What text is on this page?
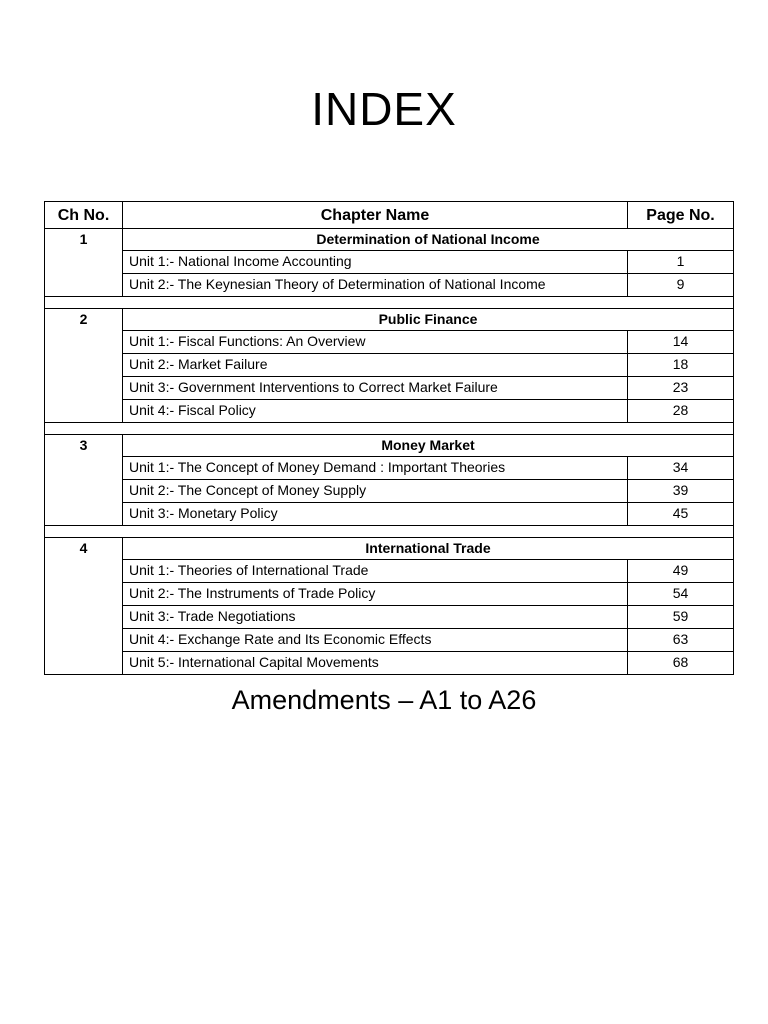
INDEX
Ch No.	Chapter Name	Page No.
1	Determination of National Income	
	Unit 1:- National Income Accounting	1
	Unit 2:- The Keynesian Theory of Determination of National Income	9

2	Public Finance	
	Unit 1:- Fiscal Functions: An Overview	14
	Unit 2:- Market Failure	18
	Unit 3:- Government Interventions to Correct Market Failure	23
	Unit 4:- Fiscal Policy	28

3	Money Market	
	Unit 1:- The Concept of Money Demand : Important Theories	34
	Unit 2:- The Concept of Money Supply	39
	Unit 3:- Monetary Policy	45

4	International Trade	
	Unit 1:- Theories of International Trade	49
	Unit 2:- The Instruments of Trade Policy	54
	Unit 3:- Trade Negotiations	59
	Unit 4:- Exchange Rate and Its Economic Effects	63
	Unit 5:- International Capital Movements	68
Amendments – A1 to A26
